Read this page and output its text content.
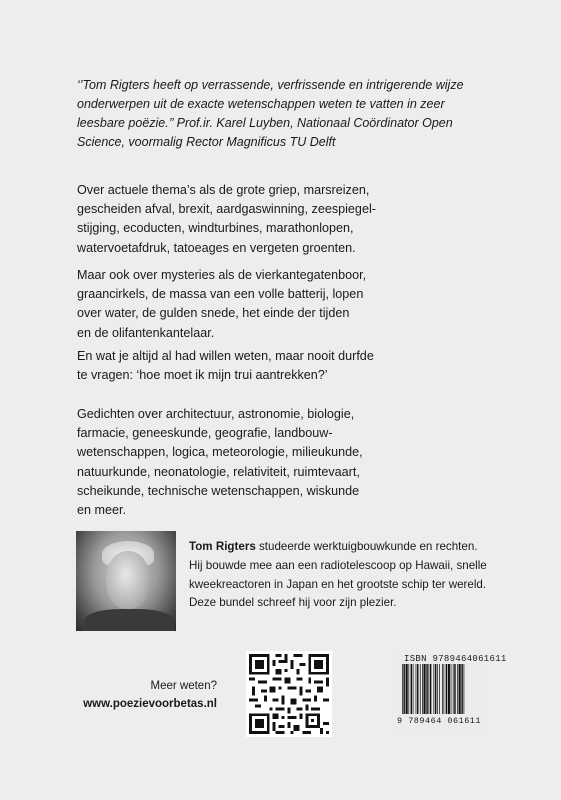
‘’Tom Rigters heeft op verrassende, verfrissende en intrigerende wijze
onderwerpen uit de exacte wetenschappen weten te vatten in zeer
leesbare poëzie.’’ Prof.ir. Karel Luyben, Nationaal Coördinator Open
Science, voormalig Rector Magnificus TU Delft

Over actuele thema’s als de grote griep, marsreizen,
gescheiden afval, brexit, aardgaswinning, zeespiegel-
stijging, ecoducten, windturbines, marathonlopen,
watervoetafdruk, tatoeages en vergeten groenten.

Maar ook over mysteries als de vierkantegatenboor,
graancirkels, de massa van een volle batterij, lopen
over water, de gulden snede, het einde der tijden
en de olifantenkantelaar.

En wat je altijd al had willen weten, maar nooit durfde
te vragen: ‘hoe moet ik mijn trui aantrekken?’

Gedichten over architectuur, astronomie, biologie,
farmacie, geneeskunde, geografie, landbouw-
wetenschappen, logica, meteorologie, milieukunde,
natuurkunde, neonatologie, relativiteit, ruimtevaart,
scheikunde, technische wetenschappen, wiskunde
en meer.

Tom Rigters studeerde werktuigbouwkunde en rechten.
Hij bouwde mee aan een radiotelescoop op Hawaii, snelle
kweekreactoren in Japan en het grootste schip ter wereld.
Deze bundel schreef hij voor zijn plezier.
Meer weten?
www.poezievoorbetas.nl
ISBN 9789464061611
9 789464 061611
